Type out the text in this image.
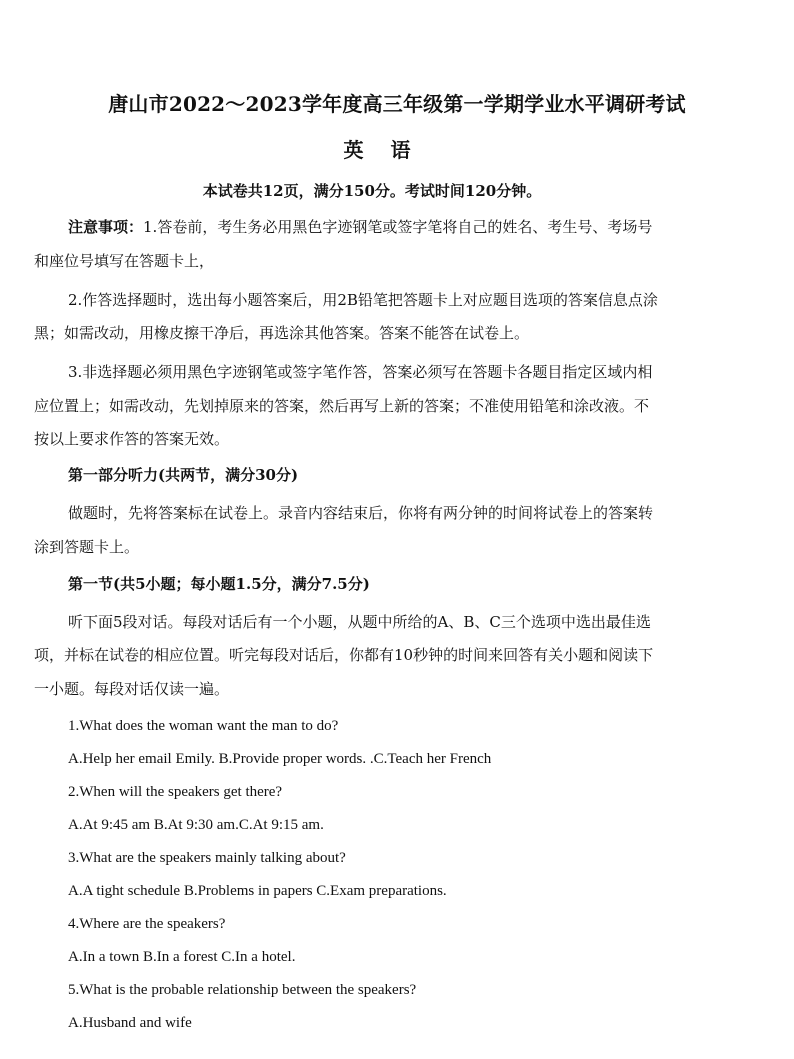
唐山市2022～2023学年度高三年级第一学期学业水平调研考试
英 语
本试卷共12页，满分150分。考试时间120分钟。
注意事项：1.答卷前，考生务必用黑色字迹钢笔或签字笔将自己的姓名、考生号、考场号
和座位号填写在答题卡上，
2.作答选择题时，选出每小题答案后，用2B铅笔把答题卡上对应题目选项的答案信息点涂
黑；如需改动，用橡皮擦干净后，再选涂其他答案。答案不能答在试卷上。
3.非选择题必须用黑色字迹钢笔或签字笔作答，答案必须写在答题卡各题目指定区域内相
应位置上；如需改动，先划掉原来的答案，然后再写上新的答案；不准使用铅笔和涂改液。不
按以上要求作答的答案无效。
第一部分听力(共两节，满分30分)
做题时，先将答案标在试卷上。录音内容结束后，你将有两分钟的时间将试卷上的答案转
涂到答题卡上。
第一节(共5小题；每小题1.5分，满分7.5分)
听下面5段对话。每段对话后有一个小题，从题中所给的A、B、C三个选项中选出最佳选
项，并标在试卷的相应位置。听完每段对话后，你都有10秒钟的时间来回答有关小题和阅读下
一小题。每段对话仅读一遍。
1.What does the woman want the man to do?
A.Help her email Emily. B.Provide proper words. .C.Teach her French
2.When will the speakers get there?
A.At 9:45 am B.At 9:30 am.C.At 9:15 am.
3.What are the speakers mainly talking about?
A.A tight schedule B.Problems in papers C.Exam preparations.
4.Where are the speakers?
A.In a town B.In a forest C.In a hotel.
5.What is the probable relationship between the speakers?
A.Husband and wife
